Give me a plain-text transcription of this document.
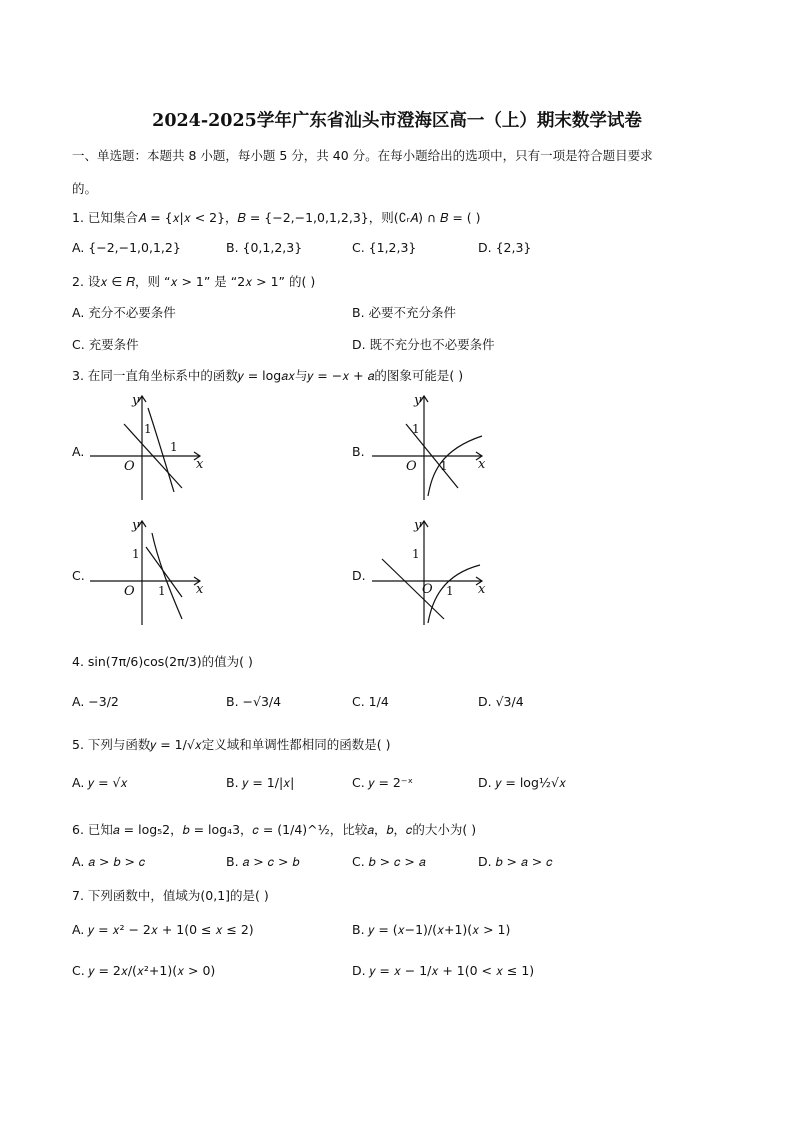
2024-2025学年广东省汕头市澄海区高一（上）期末数学试卷
一、单选题：本题共 8 小题，每小题 5 分，共 40 分。在每小题给出的选项中，只有一项是符合题目要求
的。
1. 已知集合𝐴 = {𝑥|𝑥 < 2}，𝐵 = {−2,−1,0,1,2,3}，则(∁ᵣ𝐴) ∩ 𝐵 = ( )
A. {−2,−1,0,1,2}	B. {0,1,2,3}	C. {1,2,3}	D. {2,3}
2. 设𝑥 ∈ 𝑅，则 “𝑥 > 1” 是 “2𝑥 > 1” 的( )
A. 充分不必要条件	B. 必要不充分条件
C. 充要条件	D. 既不充分也不必要条件
3. 在同一直角坐标系中的函数𝑦 = log𝑎𝑥与𝑦 = −𝑥 + 𝑎的图象可能是( )
A.
y
x
O
1
1	B.
y
x
O
1
1
C.
y
x
O
1
1
D.
y
x
O
1
1
4. sin(7π/6)cos(2π/3)的值为( )
A. −3/2	B. −√3/4	C. 1/4	D. √3/4
5. 下列与函数𝑦 = 1/√𝑥定义域和单调性都相同的函数是( )
A. 𝑦 = √𝑥	B. 𝑦 = 1/|𝑥|	C. 𝑦 = 2⁻ˣ	D. 𝑦 = log½√𝑥
6. 已知𝑎 = log₅2，𝑏 = log₄3，𝑐 = (1/4)^½，比较𝑎，𝑏，𝑐的大小为( )
A. 𝑎 > 𝑏 > 𝑐	B. 𝑎 > 𝑐 > 𝑏	C. 𝑏 > 𝑐 > 𝑎	D. 𝑏 > 𝑎 > 𝑐
7. 下列函数中，值域为(0,1]的是( )
A. 𝑦 = 𝑥² − 2𝑥 + 1(0 ≤ 𝑥 ≤ 2)	B. 𝑦 = (𝑥−1)/(𝑥+1)(𝑥 > 1)
C. 𝑦 = 2𝑥/(𝑥²+1)(𝑥 > 0)	D. 𝑦 = 𝑥 − 1/𝑥 + 1(0 < 𝑥 ≤ 1)
